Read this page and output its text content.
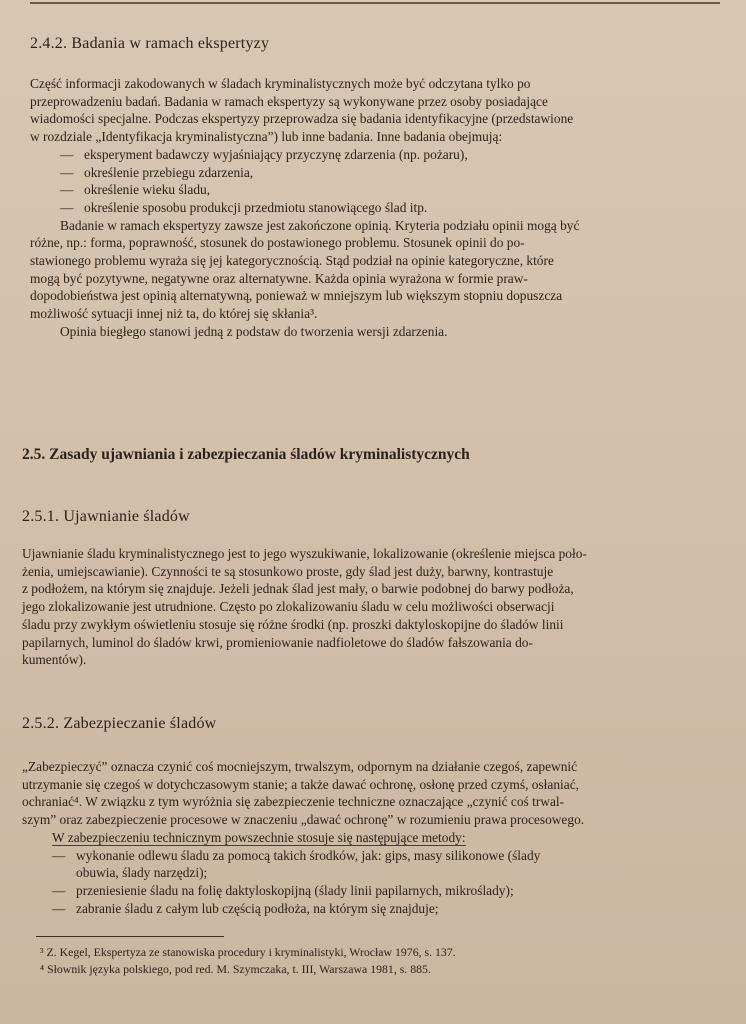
2.4.2. Badania w ramach ekspertyzy

Część informacji zakodowanych w śladach kryminalistycznych może być odczytana tylko po

przeprowadzeniu badań. Badania w ramach ekspertyzy są wykonywane przez osoby posiadające

wiadomości specjalne. Podczas ekspertyzy przeprowadza się badania identyfikacyjne (przedstawione

w rozdziale „Identyfikacja kryminalistyczna”) lub inne badania. Inne badania obejmują:

— eksperyment badawczy wyjaśniający przyczynę zdarzenia (np. pożaru),
— określenie przebiegu zdarzenia,
— określenie wieku śladu,
— określenie sposobu produkcji przedmiotu stanowiącego ślad itp.

Badanie w ramach ekspertyzy zawsze jest zakończone opinią. Kryteria podziału opinii mogą być

różne, np.: forma, poprawność, stosunek do postawionego problemu. Stosunek opinii do po-

stawionego problemu wyraża się jej kategorycznością. Stąd podział na opinie kategoryczne, które

mogą być pozytywne, negatywne oraz alternatywne. Każda opinia wyrażona w formie praw-

dopodobieństwa jest opinią alternatywną, ponieważ w mniejszym lub większym stopniu dopuszcza

możliwość sytuacji innej niż ta, do której się skłania³.

Opinia biegłego stanowi jedną z podstaw do tworzenia wersji zdarzenia.

2.5. Zasady ujawniania i zabezpieczania śladów kryminalistycznych
2.5.1. Ujawnianie śladów

Ujawnianie śladu kryminalistycznego jest to jego wyszukiwanie, lokalizowanie (określenie miejsca poło-

żenia, umiejscawianie). Czynności te są stosunkowo proste, gdy ślad jest duży, barwny, kontrastuje

z podłożem, na którym się znajduje. Jeżeli jednak ślad jest mały, o barwie podobnej do barwy podłoża,

jego zlokalizowanie jest utrudnione. Często po zlokalizowaniu śladu w celu możliwości obserwacji

śladu przy zwykłym oświetleniu stosuje się różne środki (np. proszki daktyloskopijne do śladów linii

papilarnych, luminol do śladów krwi, promieniowanie nadfioletowe do śladów fałszowania do-

kumentów).

2.5.2. Zabezpieczanie śladów

„Zabezpieczyć” oznacza czynić coś mocniejszym, trwalszym, odpornym na działanie czegoś, zapewnić

utrzymanie się czegoś w dotychczasowym stanie; a także dawać ochronę, osłonę przed czymś, osłaniać,

ochraniać⁴. W związku z tym wyróżnia się zabezpieczenie techniczne oznaczające „czynić coś trwal-

szym” oraz zabezpieczenie procesowe w znaczeniu „dawać ochronę” w rozumieniu prawa procesowego.

W zabezpieczeniu technicznym powszechnie stosuje się następujące metody:

— wykonanie odlewu śladu za pomocą takich środków, jak: gips, masy silikonowe (ślady
obuwia, ślady narzędzi);
— przeniesienie śladu na folię daktyloskopijną (ślady linii papilarnych, mikroślady);
— zabranie śladu z całym lub częścią podłoża, na którym się znajduje;
³ Z. Kegel, Ekspertyza ze stanowiska procedury i kryminalistyki, Wrocław 1976, s. 137.
⁴ Słownik języka polskiego, pod red. M. Szymczaka, t. III, Warszawa 1981, s. 885.
